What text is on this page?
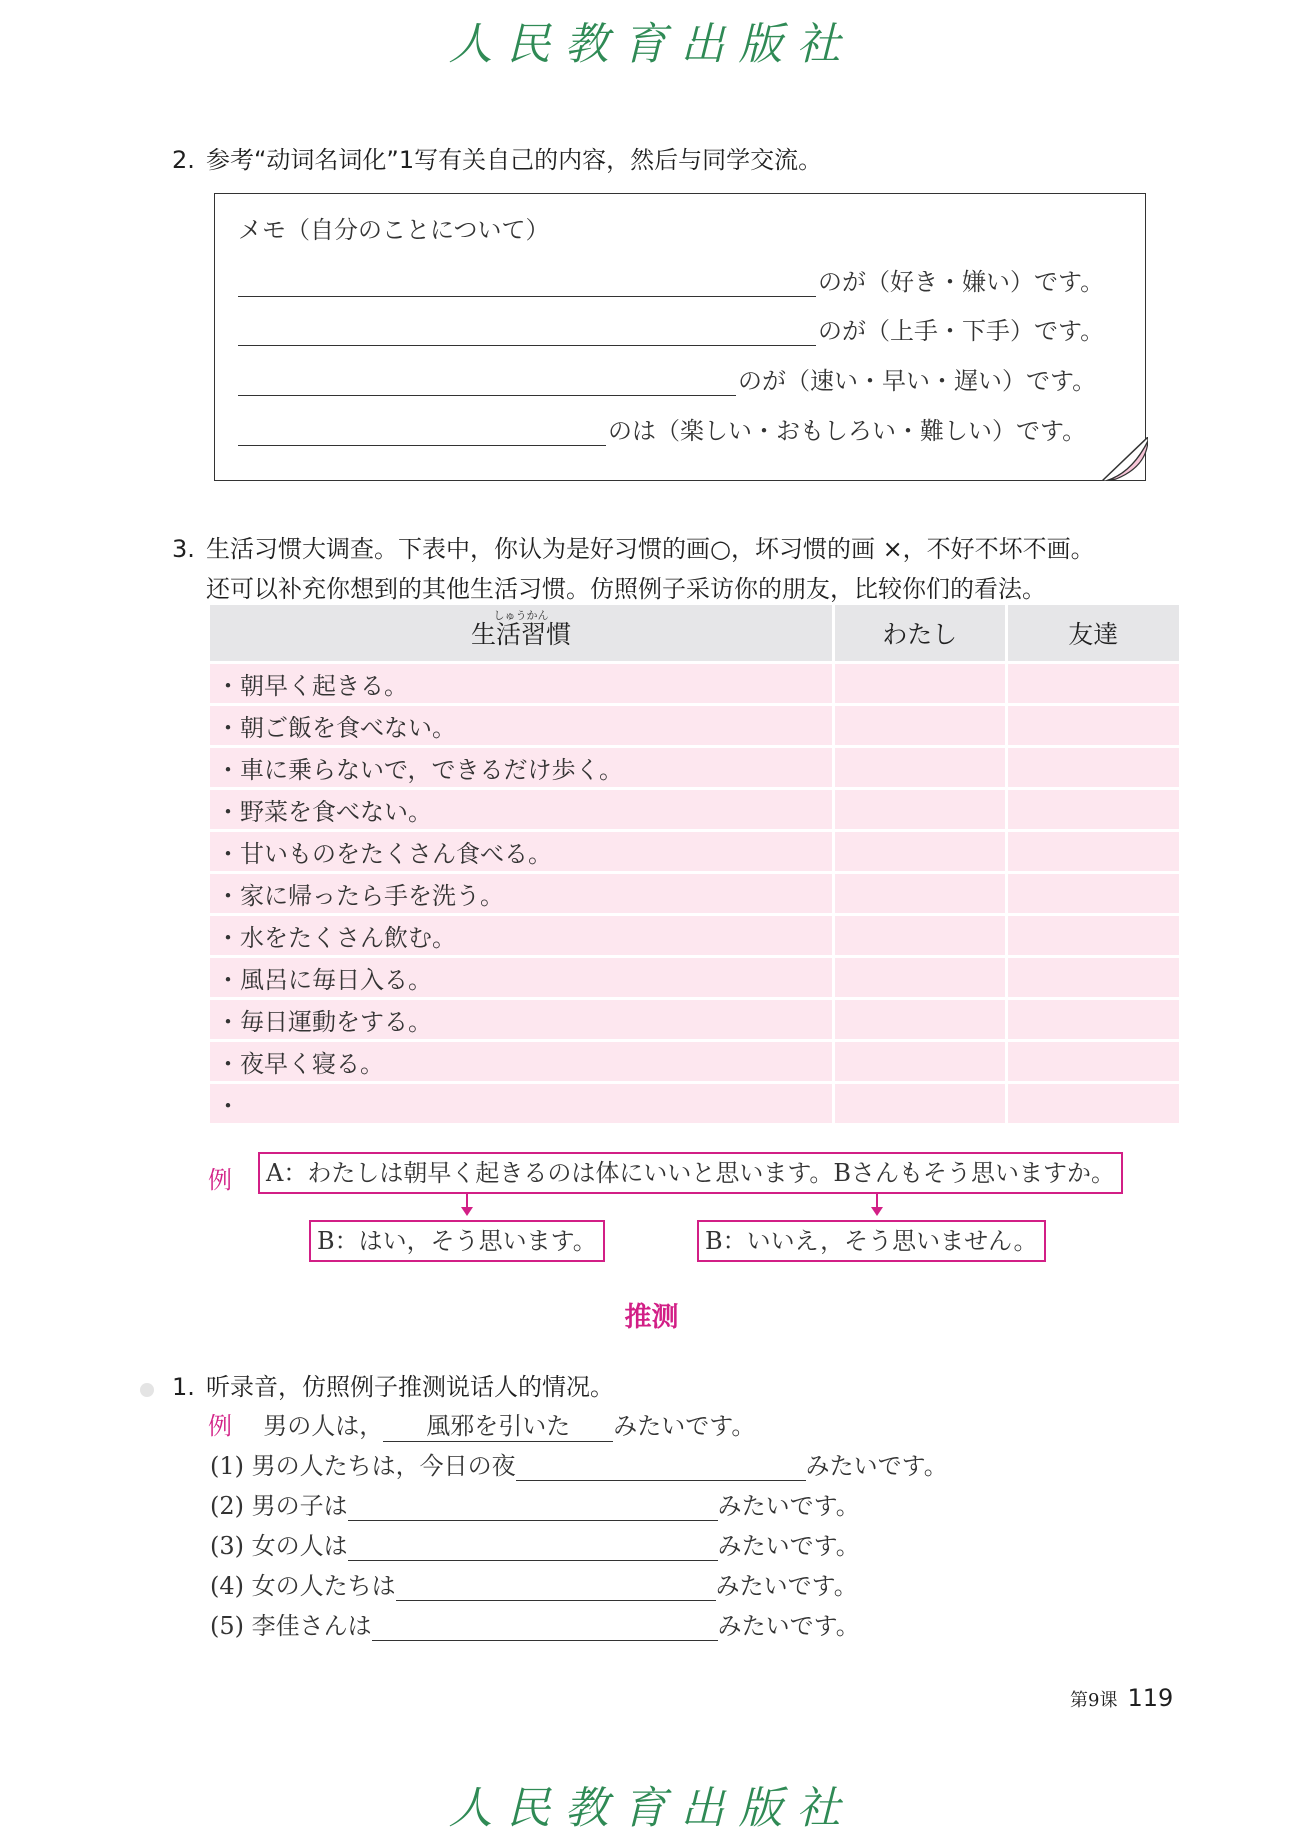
人民教育出版社
2. 参考“动词名词化”1写有关自己的内容，然后与同学交流。
メモ（自分のことについて）
のが（好き・嫌い）です。
のが（上手・下手）です。
のが（速い・早い・遅い）です。
のは（楽しい・おもしろい・難しい）です。
3. 生活习惯大调查。下表中，你认为是好习惯的画○，坏习惯的画 ×，不好不坏不画。
还可以补充你想到的其他生活习惯。仿照例子采访你的朋友，比较你们的看法。
しゅうかん
生活習慣	わたし	友達
・朝早く起きる。		
・朝ご飯を食べない。		
・車に乗らないで，できるだけ歩く。		
・野菜を食べない。		
・甘いものをたくさん食べる。		
・家に帰ったら手を洗う。		
・水をたくさん飲む。		
・風呂に毎日入る。		
・毎日運動をする。		
・夜早く寝る。		
・		
例	A：わたしは朝早く起きるのは体にいいと思います。Bさんもそう思いますか。
B：はい，そう思います。	B：いいえ，そう思いません。
推测
1. 听录音，仿照例子推测说话人的情况。
例 男の人は， 風邪を引いた みたいです。
(1) 男の人たちは，今日の夜	みたいです。
(2) 男の子は	みたいです。
(3) 女の人は	みたいです。
(4) 女の人たちは	みたいです。
(5) 李佳さんは	みたいです。
第9课 119
人民教育出版社
